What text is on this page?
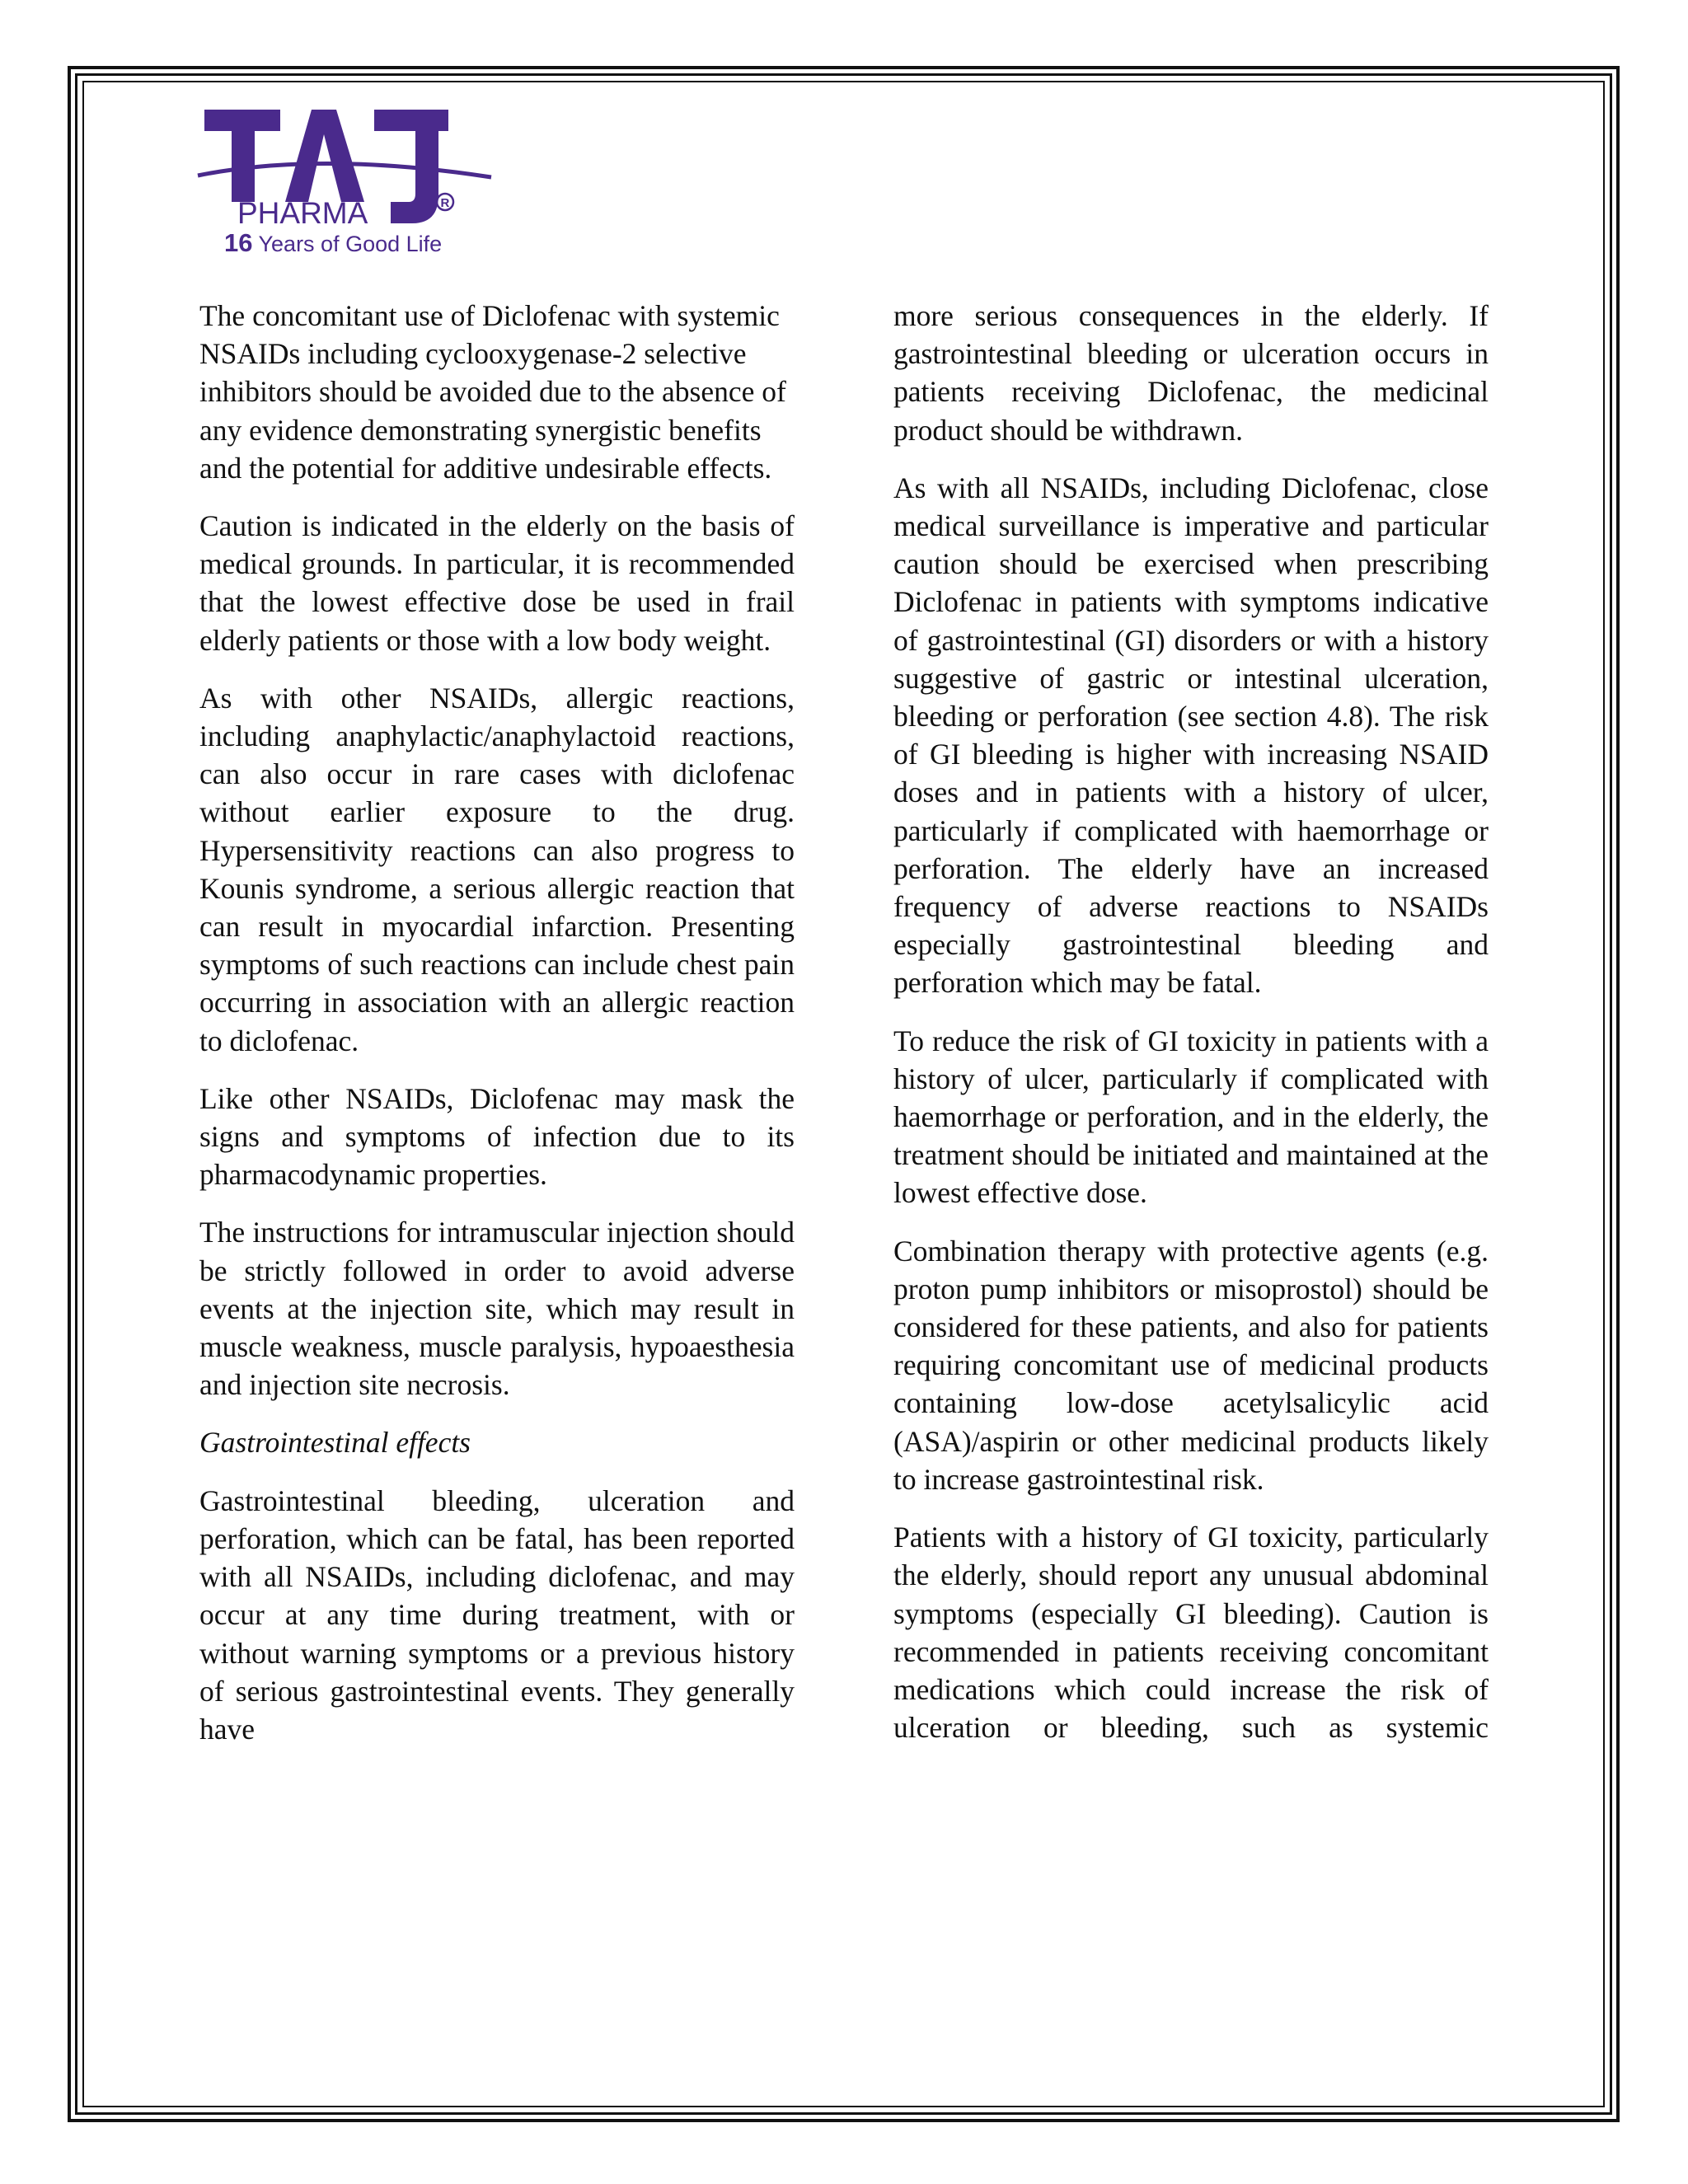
PHARMA	R
16 Years of Good Life

The concomitant use of Diclofenac with systemic NSAIDs including cyclooxygenase-2 selective inhibitors should be avoided due to the absence of any evidence demonstrating synergistic benefits and the potential for additive undesirable effects.

Caution is indicated in the elderly on the basis of medical grounds. In particular, it is recommended that the lowest effective dose be used in frail elderly patients or those with a low body weight.

As with other NSAIDs, allergic reactions, including anaphylactic/anaphylactoid reactions, can also occur in rare cases with diclofenac without earlier exposure to the drug. Hypersensitivity reactions can also progress to Kounis syndrome, a serious allergic reaction that can result in myocardial infarction. Presenting symptoms of such reactions can include chest pain occurring in association with an allergic reaction to diclofenac.

Like other NSAIDs, Diclofenac may mask the signs and symptoms of infection due to its pharmacodynamic properties.

The instructions for intramuscular injection should be strictly followed in order to avoid adverse events at the injection site, which may result in muscle weakness, muscle paralysis, hypoaesthesia and injection site necrosis.

Gastrointestinal effects

Gastrointestinal bleeding, ulceration and perforation, which can be fatal, has been reported with all NSAIDs, including diclofenac, and may occur at any time during treatment, with or without warning symptoms or a previous history of serious gastrointestinal events. They generally have

more serious consequences in the elderly. If gastrointestinal bleeding or ulceration occurs in patients receiving Diclofenac, the medicinal product should be withdrawn.

As with all NSAIDs, including Diclofenac, close medical surveillance is imperative and particular caution should be exercised when prescribing Diclofenac in patients with symptoms indicative of gastrointestinal (GI) disorders or with a history suggestive of gastric or intestinal ulceration, bleeding or perforation (see section 4.8). The risk of GI bleeding is higher with increasing NSAID doses and in patients with a history of ulcer, particularly if complicated with haemorrhage or perforation. The elderly have an increased frequency of adverse reactions to NSAIDs especially gastrointestinal bleeding and perforation which may be fatal.

To reduce the risk of GI toxicity in patients with a history of ulcer, particularly if complicated with haemorrhage or perforation, and in the elderly, the treatment should be initiated and maintained at the lowest effective dose.

Combination therapy with protective agents (e.g. proton pump inhibitors or misoprostol) should be considered for these patients, and also for patients requiring concomitant use of medicinal products containing low-dose acetylsalicylic acid (ASA)/aspirin or other medicinal products likely to increase gastrointestinal risk.

Patients with a history of GI toxicity, particularly the elderly, should report any unusual abdominal symptoms (especially GI bleeding). Caution is recommended in patients receiving concomitant medications which could increase the risk of ulceration or bleeding, such as systemic
